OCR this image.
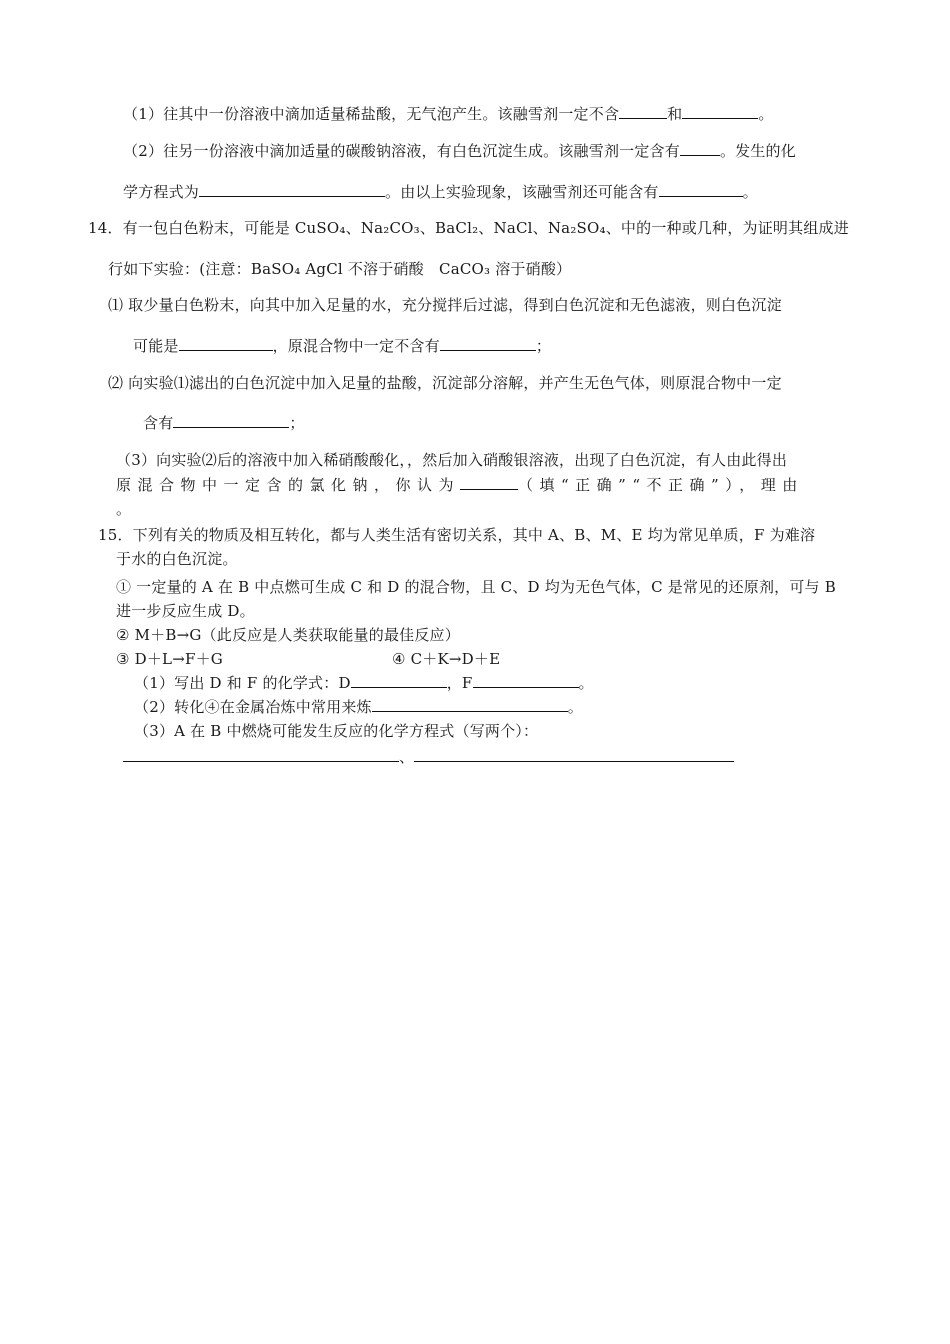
（1）往其中一份溶液中滴加适量稀盐酸，无气泡产生。该融雪剂一定不含	和	。
（2）往另一份溶液中滴加适量的碳酸钠溶液，有白色沉淀生成。该融雪剂一定含有	。发生的化
学方程式为	。由以上实验现象，该融雪剂还可能含有	。
14．有一包白色粉末，可能是 CuSO₄、Na₂CO₃、BaCl₂、NaCl、Na₂SO₄、中的一种或几种，为证明其组成进
行如下实验：(注意：BaSO₄ AgCl 不溶于硝酸　CaCO₃ 溶于硝酸）
⑴ 取少量白色粉末，向其中加入足量的水，充分搅拌后过滤，得到白色沉淀和无色滤液，则白色沉淀
可能是	，原混合物中一定不含有	；
⑵ 向实验⑴滤出的白色沉淀中加入足量的盐酸，沉淀部分溶解，并产生无色气体，则原混合物中一定
含有	；
（3）向实验⑵后的溶液中加入稀硝酸酸化，，然后加入硝酸银溶液，出现了白色沉淀，有人由此得出
原混合物中一定含的氯化钠，你认为	（填“正确”“不正确”），理由
。
15．下列有关的物质及相互转化，都与人类生活有密切关系，其中 A、B、M、E 均为常见单质，F 为难溶
于水的白色沉淀。
① 一定量的 A 在 B 中点燃可生成 C 和 D 的混合物，且 C、D 均为无色气体，C 是常见的还原剂，可与 B
进一步反应生成 D。
② M＋B→G（此反应是人类获取能量的最佳反应）
③ D＋L→F＋G	④ C＋K→D＋E
（1）写出 D 和 F 的化学式：D	，F	。
（2）转化④在金属冶炼中常用来炼	。
（3）A 在 B 中燃烧可能发生反应的化学方程式（写两个）：
、
